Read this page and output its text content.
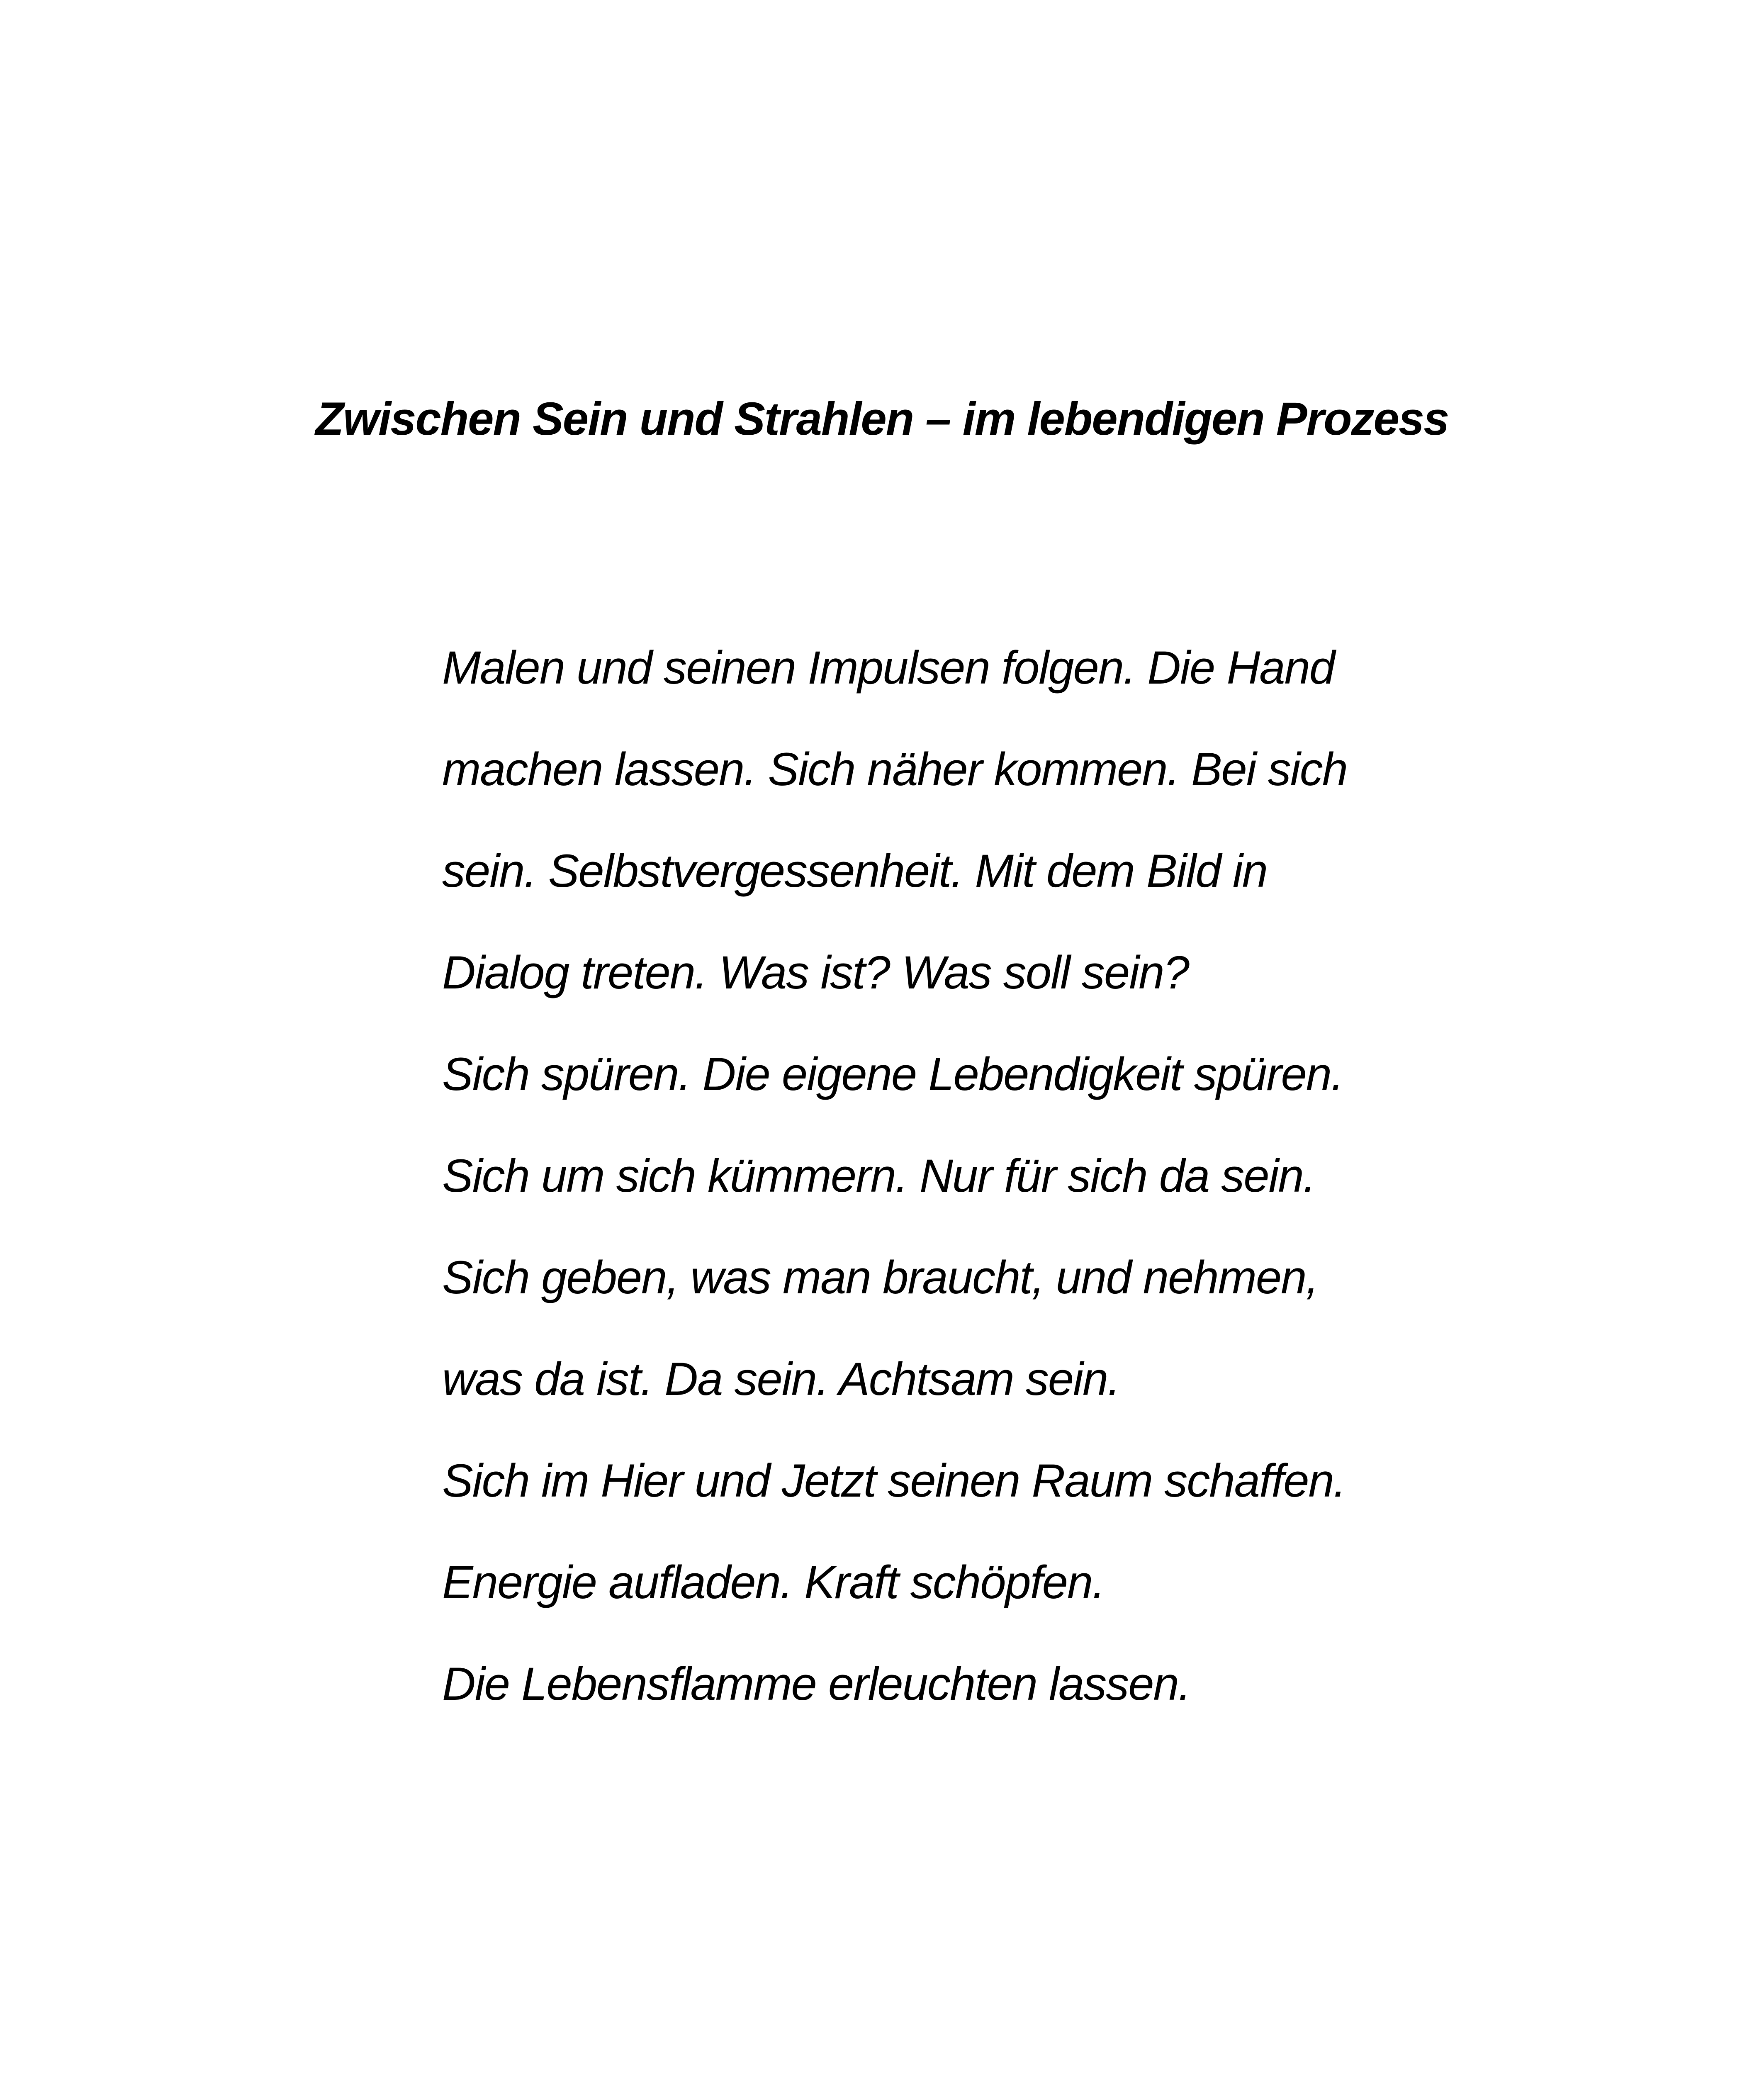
Zwischen Sein und Strahlen – im lebendigen Prozess
Malen und seinen Impulsen folgen. Die Hand
machen lassen. Sich näher kommen. Bei sich
sein. Selbstvergessenheit. Mit dem Bild in
Dialog treten. Was ist? Was soll sein?
Sich spüren. Die eigene Lebendigkeit spüren.
Sich um sich kümmern. Nur für sich da sein.
Sich geben, was man braucht, und nehmen,
was da ist. Da sein. Achtsam sein.
Sich im Hier und Jetzt seinen Raum schaffen.
Energie aufladen. Kraft schöpfen.
Die Lebensflamme erleuchten lassen.
